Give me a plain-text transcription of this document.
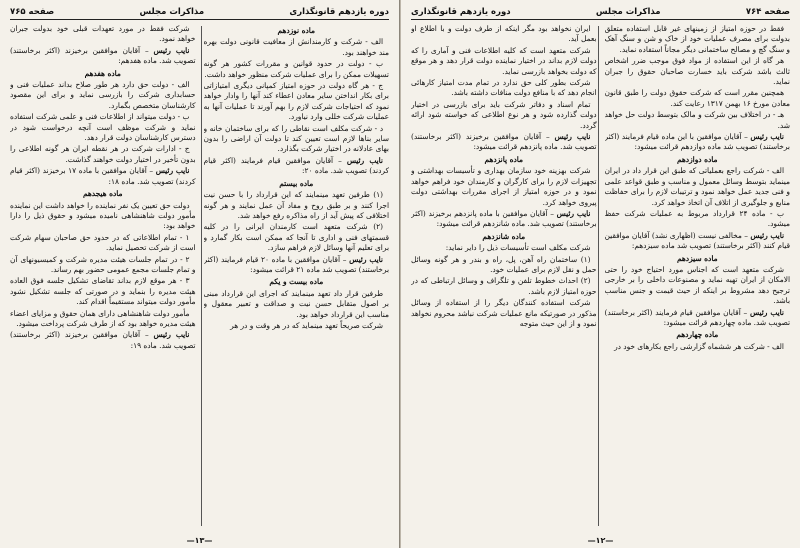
دوره یازدهم قانونگذاری
مذاکرات مجلس
صفحه ۷۶۵

ماده نوزدهم

الف - شرکت و کارمندانش از معافیت قانونی دولت بهره مند خواهند بود.

ب - دولت در حدود قوانین و مقررات کشور هر گونه تسهیلات ممکن را برای عملیات شرکت منظور خواهد داشت.

ج - هر گاه دولت در حوزه امتیاز کمپانی دیگری امتیازاتی برای بکار انداختن سایر معادن اعطاء کند آنها را وادار خواهد نمود که احتیاجات شرکت لازم را بهم آورند تا عملیات آنها به عملیات شرکت خللی وارد نیاورد.

د - شرکت مکلف است نقاطی را که برای ساختمان خانه و سایر بناها لازم است تعیین کند تا دولت آن اراضی را بدون بهای عادلانه در اختیار شرکت بگذارد.

نایب رئیس – آقایان موافقین قیام فرمایند (اکثر قیام کردند) تصویب شد. ماده ۲۰:

ماده بیستم

(۱) طرفین تعهد مینمایند که این قرارداد را با حسن نیت اجرا کنند و بر طبق روح و مفاد آن عمل نمایند و هر گونه اختلافی که پیش آید از راه مذاکره رفع خواهد شد.

(۲) شرکت متعهد است کارمندان ایرانی را در کلیه قسمتهای فنی و اداری تا آنجا که ممکن است بکار گمارد و برای تعلیم آنها وسائل لازم فراهم سازد.

نایب رئیس – آقایان موافقین با ماده ۲۰ قیام فرمایند (اکثر برخاستند) تصویب شد ماده ۲۱ قرائت میشود:

ماده بیست و یکم

طرفین قرار داد تعهد مینمایند که اجرای این قرارداد مبنی بر اصول متقابل حسن نیت و صداقت و تعبیر معقول و مناسب این قرارداد خواهد بود.

شرکت صریحاً تعهد مینماید که در هر وقت و در هر

شرکت فقط در مورد تعهدات قبلی خود بدولت جبران خواهد نمود.

نایب رئیس – آقایان موافقین برخیزند (اکثر برخاستند) تصویب شد. ماده هفدهم:

ماده هفدهم

الف - دولت حق دارد هر طور صلاح بداند عملیات فنی و حسابداری شرکت را بازرسی نماید و برای این مقصود کارشناسان متخصص بگمارد.

ب - دولت میتواند از اطلاعات فنی و علمی شرکت استفاده نماید و شرکت موظف است آنچه درخواست شود در دسترس کارشناسان دولت قرار دهد.

ج - ادارات شرکت در هر نقطه ایران هر گونه اطلاعی را بدون تأخیر در اختیار دولت خواهند گذاشت.

نایب رئیس – آقایان موافقین با ماده ۱۷ برخیزند (اکثر قیام کردند) تصویب شد. ماده ۱۸:

ماده هیجدهم

دولت حق تعیین یک نفر نماینده را خواهد داشت این نماینده مأمور دولت شاهنشاهی نامیده میشود و حقوق ذیل را دارا خواهد بود:

۱ - تمام اطلاعاتی که در حدود حق صاحبان سهام شرکت است از شرکت تحصیل نماید.

۲ - در تمام جلسات هیئت مدیره شرکت و کمیسیونهای آن و تمام جلسات مجمع عمومی حضور بهم رساند.

۳ - هر موقع لازم بداند تقاضای تشکیل جلسه فوق العاده هیئت مدیره را بنماید و در صورتی که جلسه تشکیل نشود مأمور دولت میتواند مستقیماً اقدام کند.

مأمور دولت شاهنشاهی دارای همان حقوق و مزایای اعضاء هیئت مدیره خواهد بود که از طرف شرکت پرداخت میشود.

نایب رئیس – آقایان موافقین برخیزند (اکثر برخاستند) تصویب شد. ماده ۱۹:

—۱۳—
صفحه ۷۶۴
مذاکرات مجلس
دوره یازدهم قانونگذاری

فقط در حوزه امتیاز از زمینهای غیر قابل استفاده متعلق بدولت برای مصرف عملیات خود از خاک و شن و سنگ آهک و سنگ گچ و مصالح ساختمانی دیگر مجاناً استفاده نماید.

هر گاه از این استفاده از مواد فوق موجب ضرر اشخاص ثالث باشد شرکت باید خسارت صاحبان حقوق را جبران نماید.

همچنین مقرر است که شرکت حقوق دولت را طبق قانون معادن مورخ ۱۶ بهمن ۱۳۱۷ رعایت کند.

هـ - در اختلاف بین شرکت و مالک بتوسط دولت حل خواهد شد.

نایب رئیس – آقایان موافقین با این ماده قیام فرمایند (اکثر برخاستند) تصویب شد ماده دوازدهم قرائت میشود:

ماده دوازدهم

الف - شرکت راجع بعملیاتی که طبق این قرار داد در ایران مینماید بتوسط وسائل معمول و مناسب و طبق قواعد علمی و فنی جدید عمل خواهد نمود و ترتیبات لازم را برای حفاظت منابع و جلوگیری از اتلاف آن اتخاذ خواهد کرد.

ب - ماده ۲۴ قرارداد مربوط به عملیات شرکت حفظ میشود.

نایب رئیس – مخالفی نیست (اظهاری نشد) آقایان موافقین قیام کنند (اکثر برخاستند) تصویب شد ماده سیزدهم:

ماده سیزدهم

شرکت متعهد است که اجناس مورد احتیاج خود را حتی الامکان از ایران تهیه نماید و مصنوعات داخلی را بر خارجی ترجیح دهد مشروط بر اینکه از حیث قیمت و جنس مناسب باشد.

نایب رئیس – آقایان موافقین قیام فرمایند (اکثر برخاستند) تصویب شد. ماده چهاردهم قرائت میشود:

ماده چهاردهم

الف - شرکت هر ششماه گزارشی راجع بکارهای خود در

ایران نخواهد بود مگر اینکه از طرف دولت و با اطلاع او بعمل آید.

شرکت متعهد است که کلیه اطلاعات فنی و آماری را که دولت لازم بداند در اختیار نماینده دولت قرار دهد و هر موقع که دولت بخواهد بازرسی نماید.

شرکت بطور کلی حق ندارد در تمام مدت امتیاز کارهائی انجام دهد که با منافع دولت منافات داشته باشد.

تمام اسناد و دفاتر شرکت باید برای بازرسی در اختیار دولت گذارده شود و هر نوع اطلاعی که خواسته شود ارائه گردد.

نایب رئیس – آقایان موافقین برخیزند (اکثر برخاستند) تصویب شد. ماده پانزدهم قرائت میشود:

ماده پانزدهم

شرکت بهزینه خود سازمان بهداری و تأسیسات بهداشتی و تجهیزات لازم را برای کارگران و کارمندان خود فراهم خواهد نمود و در حوزه امتیاز از اجرای مقررات بهداشتی دولت پیروی خواهد کرد.

نایب رئیس – آقایان موافقین با ماده پانزدهم برخیزند (اکثر برخاستند) تصویب شد. ماده شانزدهم قرائت میشود:

ماده شانزدهم

شرکت مکلف است تأسیسات ذیل را دایر نماید:

(۱) ساختمان راه آهن، پل، راه و بندر و هر گونه وسائل حمل و نقل لازم برای عملیات خود.

(۲) احداث خطوط تلفن و تلگراف و وسائل ارتباطی که در حوزه امتیاز لازم باشد.

شرکت استفاده کنندگان دیگر را از استفاده از وسائل مذکور در صورتیکه مانع عملیات شرکت نباشد محروم نخواهد نمود و از این حیث متوجه

—۱۲—
